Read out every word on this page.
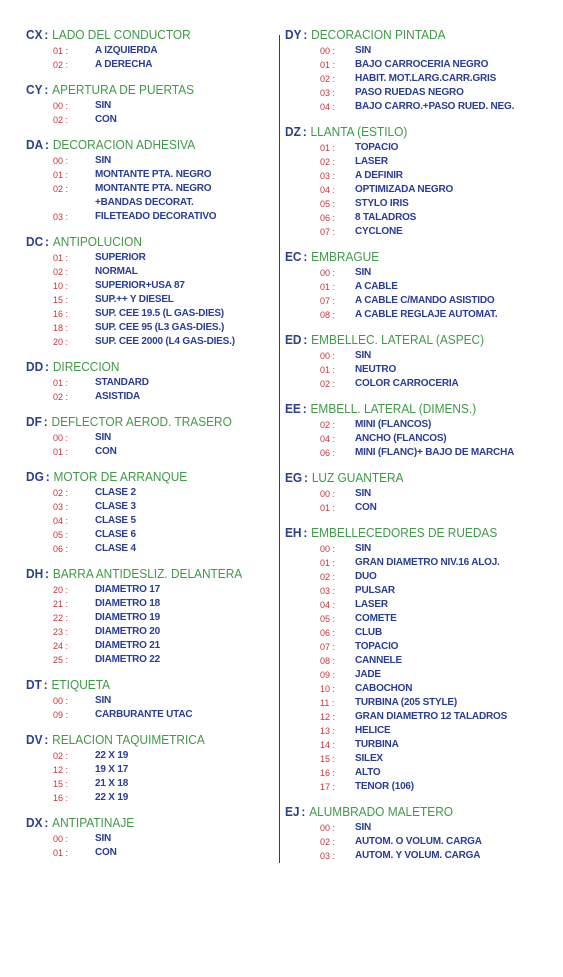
CX : LADO DEL CONDUCTOR
01 :	A IZQUIERDA
02 :	A DERECHA
CY : APERTURA DE PUERTAS
00 :	SIN
02 :	CON
DA : DECORACION ADHESIVA
00 :	SIN
01 :	MONTANTE PTA. NEGRO
02 :	MONTANTE PTA. NEGRO
+BANDAS DECORAT.
03 :	FILETEADO DECORATIVO
DC : ANTIPOLUCION
01 :	SUPERIOR
02 :	NORMAL
10 :	SUPERIOR+USA 87
15 :	SUP.++ Y DIESEL
16 :	SUP. CEE 19.5 (L GAS-DIES)
18 :	SUP. CEE 95 (L3 GAS-DIES.)
20 :	SUP. CEE 2000 (L4 GAS-DIES.)
DD : DIRECCION
01 :	STANDARD
02 :	ASISTIDA
DF : DEFLECTOR AEROD. TRASERO
00 :	SIN
01 :	CON
DG : MOTOR DE ARRANQUE
02 :	CLASE 2
03 :	CLASE 3
04 :	CLASE 5
05 :	CLASE 6
06 :	CLASE 4
DH : BARRA ANTIDESLIZ. DELANTERA
20 :	DIAMETRO 17
21 :	DIAMETRO 18
22 :	DIAMETRO 19
23 :	DIAMETRO 20
24 :	DIAMETRO 21
25 :	DIAMETRO 22
DT : ETIQUETA
00 :	SIN
09 :	CARBURANTE UTAC
DV : RELACION TAQUIMETRICA
02 :	22 X 19
12 :	19 X 17
15 :	21 X 18
16 :	22 X 19
DX : ANTIPATINAJE
00 :	SIN
01 :	CON
DY : DECORACION PINTADA
00 : SIN
01 : BAJO CARROCERIA NEGRO
02 : HABIT. MOT.LARG.CARR.GRIS
03 : PASO RUEDAS NEGRO
04 : BAJO CARRO.+PASO RUED. NEG.
DZ : LLANTA (ESTILO)
01 : TOPACIO
02 : LASER
03 : A DEFINIR
04 : OPTIMIZADA NEGRO
05 : STYLO IRIS
06 : 8 TALADROS
07 : CYCLONE
EC : EMBRAGUE
00 : SIN
01 : A CABLE
07 : A CABLE C/MANDO ASISTIDO
08 : A CABLE REGLAJE AUTOMAT.
ED : EMBELLEC. LATERAL (ASPEC)
00 : SIN
01 : NEUTRO
02 : COLOR CARROCERIA
EE : EMBELL. LATERAL (DIMENS.)
02 : MINI (FLANCOS)
04 : ANCHO (FLANCOS)
06 : MINI (FLANC)+ BAJO DE MARCHA
EG : LUZ GUANTERA
00 : SIN
01 : CON
EH : EMBELLECEDORES DE RUEDAS
00 : SIN
01 : GRAN DIAMETRO NIV.16 ALOJ.
02 : DUO
03 : PULSAR
04 : LASER
05 : COMETE
06 : CLUB
07 : TOPACIO
08 : CANNELE
09 : JADE
10 : CABOCHON
11 : TURBINA (205 STYLE)
12 : GRAN DIAMETRO 12 TALADROS
13 : HELICE
14 : TURBINA
15 : SILEX
16 : ALTO
17 : TENOR (106)
EJ : ALUMBRADO MALETERO
00 : SIN
02 : AUTOM. O VOLUM. CARGA
03 : AUTOM. Y VOLUM. CARGA
